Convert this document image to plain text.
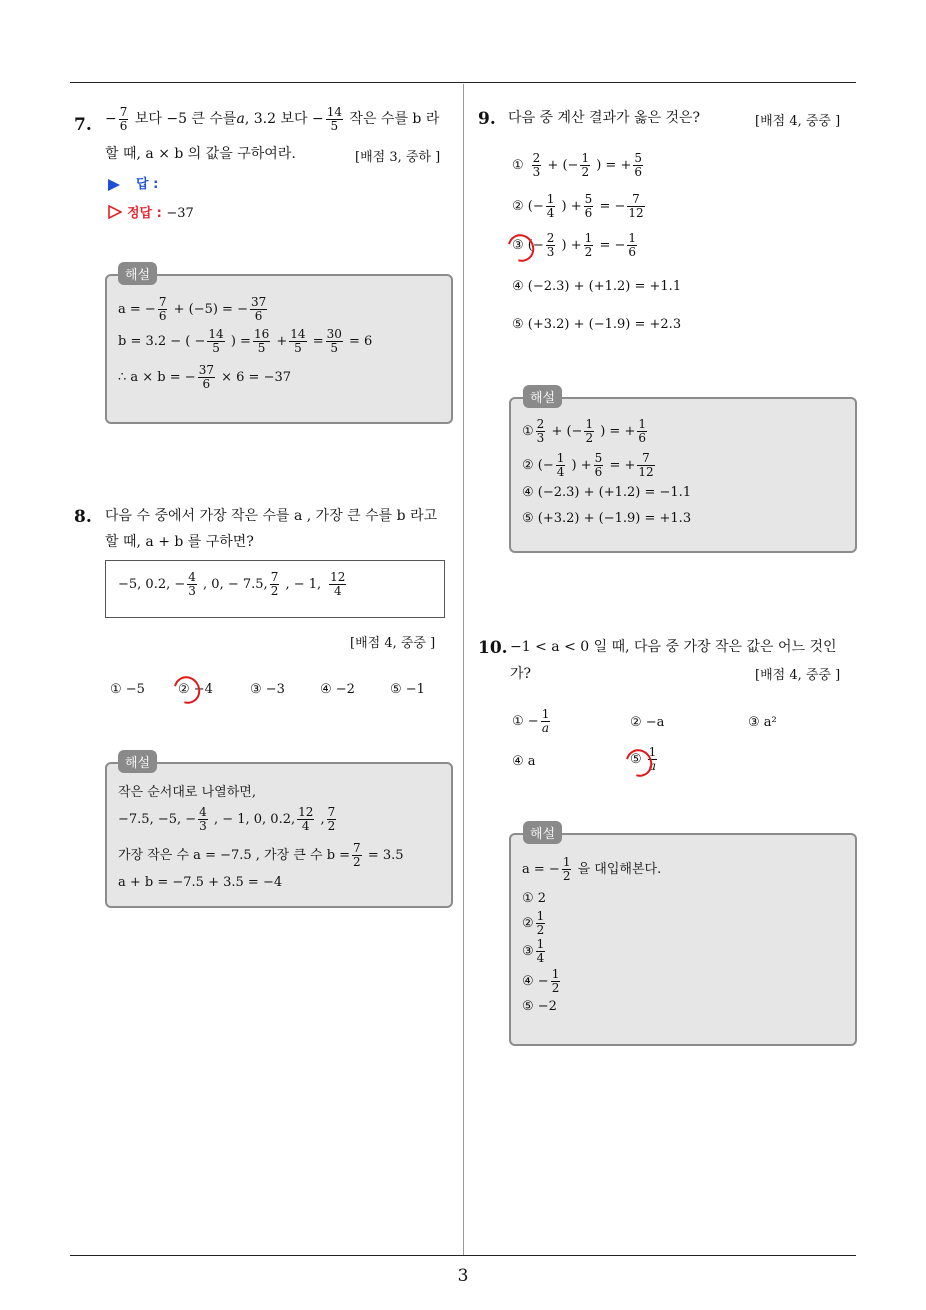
3
7. − $\frac{7}{6}$ 보다 −5 큰 수를a, 3.2 보다 − $\frac{14}{5}$ 작은 수를 b 라
할 때, a × b 의 값을 구하여라.	[배점 3, 중하 ]
답 :
정답 : −37
해설
a = − $\frac{7}{6} + (-5)$ = − $\frac{37}{6}$
b = 3.2 − ( − $\frac{14}{5}$ ) = $\frac{16}{5} + \frac{14}{5} = \frac{30}{5} = 6$
∴ a × b = − $\frac{37}{6} \times 6 = -37$
8. 다음 수 중에서 가장 작은 수를 a , 가장 큰 수를 b 라고
할 때, a + b 를 구하면?
−5, 0.2, − $\frac{4}{3}$ , 0, − 7.5, $\frac{7}{2}$ , − 1, $\frac{12}{4}$
[배점 4, 중중 ]
① −5	② −4	③ −3	④ −2	⑤ −1
해설
작은 순서대로 나열하면,
−7.5, −5, − $\frac{4}{3}$ , − 1, 0, 0.2, $\frac{12}{4}$ , $\frac{7}{2}$
가장 작은 수 a = −7.5 , 가장 큰 수 $b = \frac{7}{2} = 3.5$
a + b = −7.5 + 3.5 = −4
9. 다음 중 계산 결과가 옳은 것은?	[배점 4, 중중 ]
① $\frac{2}{3}$ + (− $\frac{1}{2}$ ) = + $\frac{5}{6}$
② (− $\frac{1}{4}$ ) + $\frac{5}{6}$ = − $\frac{7}{12}$
③ (− $\frac{2}{3}$ ) + $\frac{1}{2}$ = − $\frac{1}{6}$
④ (−2.3) + (+1.2) = +1.1
⑤ (+3.2) + (−1.9) = +2.3
해설
① $\frac{2}{3}$ + (− $\frac{1}{2}$ ) = + $\frac{1}{6}$
② (− $\frac{1}{4}$ ) + $\frac{5}{6}$ = + $\frac{7}{12}$
④ (−2.3) + (+1.2) = −1.1
⑤ (+3.2) + (−1.9) = +1.3
10. −1 < a < 0 일 때, 다음 중 가장 작은 값은 어느 것인
가?	[배점 4, 중중 ]
① − $\frac{1}{a}$	② −a	③ a²
④ a	⑤ $\frac{1}{a}$
해설
a = − $\frac{1}{2}$ 을 대입해본다.
① 2
② $\frac{1}{2}$
③ $\frac{1}{4}$
④ − $\frac{1}{2}$
⑤ −2
